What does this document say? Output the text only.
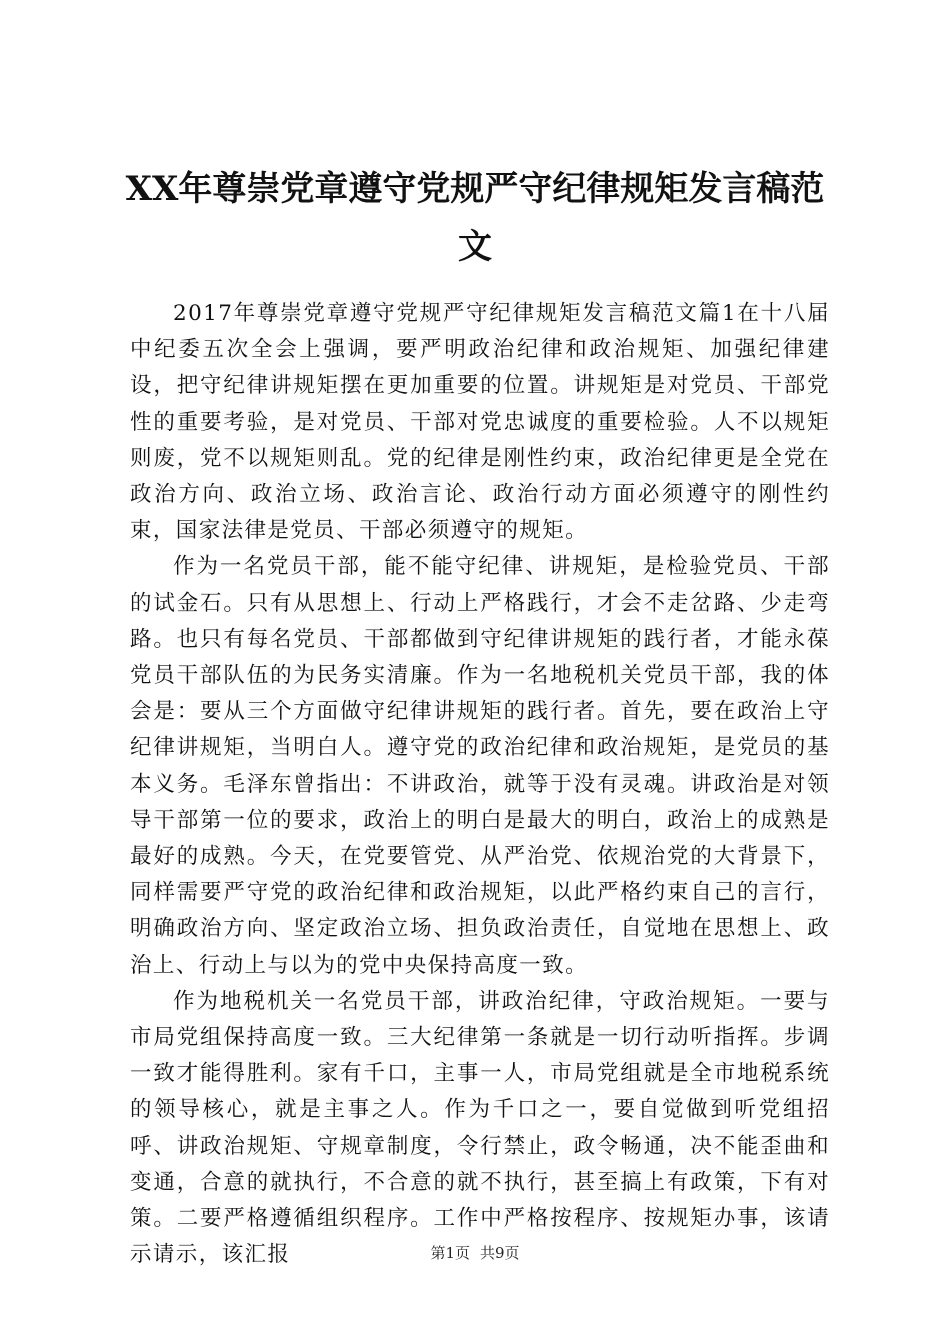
XX年尊崇党章遵守党规严守纪律规矩发言稿范文

2017年尊崇党章遵守党规严守纪律规矩发言稿范文篇1在十八届中纪委五次全会上强调，要严明政治纪律和政治规矩、加强纪律建设，把守纪律讲规矩摆在更加重要的位置。讲规矩是对党员、干部党性的重要考验，是对党员、干部对党忠诚度的重要检验。人不以规矩则废，党不以规矩则乱。党的纪律是刚性约束，政治纪律更是全党在政治方向、政治立场、政治言论、政治行动方面必须遵守的刚性约束，国家法律是党员、干部必须遵守的规矩。

作为一名党员干部，能不能守纪律、讲规矩，是检验党员、干部的试金石。只有从思想上、行动上严格践行，才会不走岔路、少走弯路。也只有每名党员、干部都做到守纪律讲规矩的践行者，才能永葆党员干部队伍的为民务实清廉。作为一名地税机关党员干部，我的体会是：要从三个方面做守纪律讲规矩的践行者。首先，要在政治上守纪律讲规矩，当明白人。遵守党的政治纪律和政治规矩，是党员的基本义务。毛泽东曾指出：不讲政治，就等于没有灵魂。讲政治是对领导干部第一位的要求，政治上的明白是最大的明白，政治上的成熟是最好的成熟。今天，在党要管党、从严治党、依规治党的大背景下，同样需要严守党的政治纪律和政治规矩，以此严格约束自己的言行，明确政治方向、坚定政治立场、担负政治责任，自觉地在思想上、政治上、行动上与以为的党中央保持高度一致。

作为地税机关一名党员干部，讲政治纪律，守政治规矩。一要与市局党组保持高度一致。三大纪律第一条就是一切行动听指挥。步调一致才能得胜利。家有千口，主事一人，市局党组就是全市地税系统的领导核心，就是主事之人。作为千口之一，要自觉做到听党组招呼、讲政治规矩、守规章制度，令行禁止，政令畅通，决不能歪曲和变通，合意的就执行，不合意的就不执行，甚至搞上有政策，下有对策。二要严格遵循组织程序。工作中严格按程序、按规矩办事，该请示请示，该汇报	第1页 共9页
